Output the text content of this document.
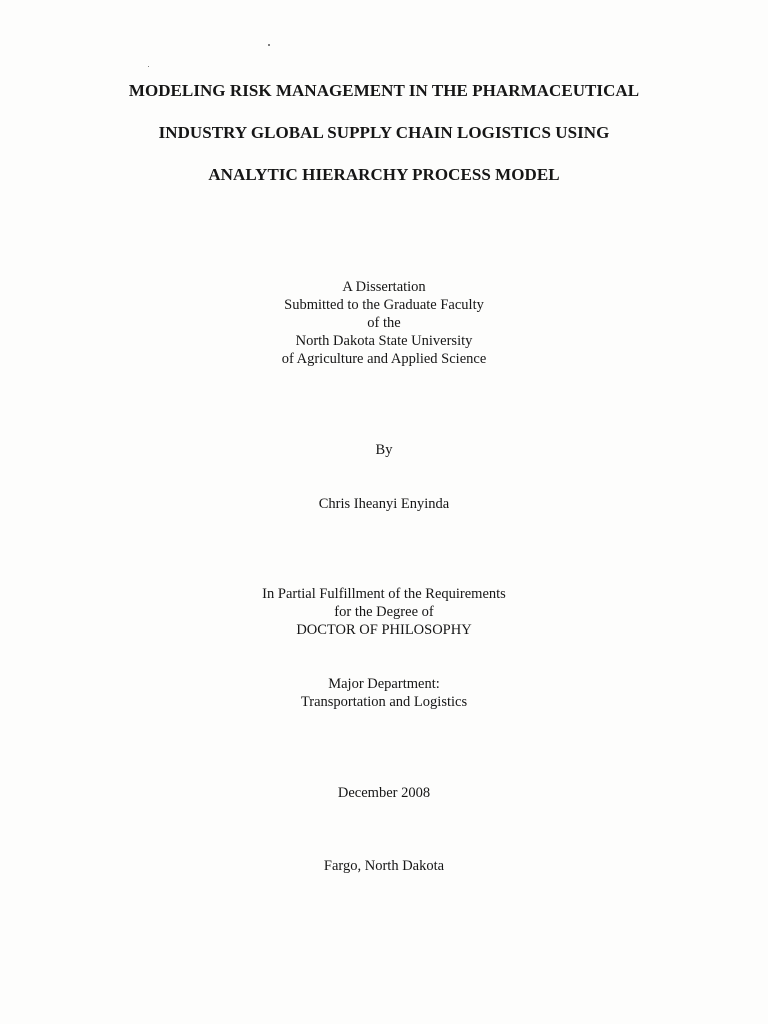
MODELING RISK MANAGEMENT IN THE PHARMACEUTICAL
INDUSTRY GLOBAL SUPPLY CHAIN LOGISTICS USING
ANALYTIC HIERARCHY PROCESS MODEL
A Dissertation
Submitted to the Graduate Faculty
of the
North Dakota State University
of Agriculture and Applied Science
By
Chris Iheanyi Enyinda
In Partial Fulfillment of the Requirements
for the Degree of
DOCTOR OF PHILOSOPHY
Major Department:
Transportation and Logistics
December 2008
Fargo, North Dakota
